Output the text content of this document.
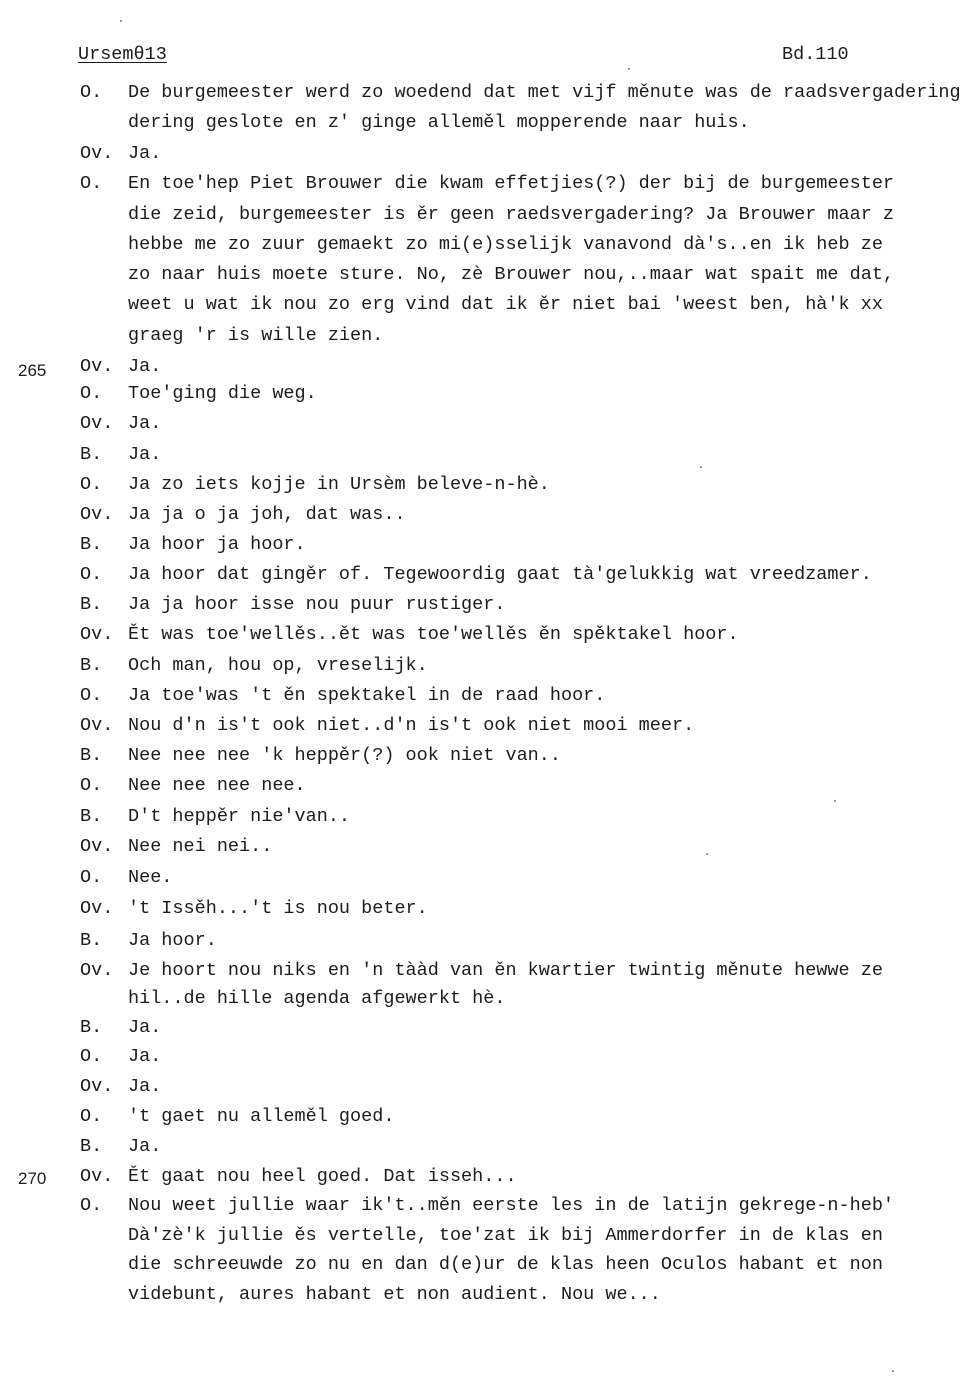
Ursemθ13	Bd.110
265
270
O. De burgemeester werd zo woedend dat met vijf měnute was de raadsvergadering
dering geslote en z' ginge alleměl mopperende naar huis.
Ov. Ja.
O. En toe'hep Piet Brouwer die kwam effetjies(?) der bij de burgemeester
die zeid, burgemeester is ěr geen raedsvergadering? Ja Brouwer maar z
hebbe me zo zuur gemaekt zo mi(e)sselijk vanavond dà's..en ik heb ze
zo naar huis moete sture. No, zè Brouwer nou,..maar wat spait me dat,
weet u wat ik nou zo erg vind dat ik ěr niet bai 'weest ben, hà'k xx
graeg 'r is wille zien.
Ov. Ja.
O. Toe'ging die weg.
Ov. Ja.
B. Ja.
O. Ja zo iets kojje in Ursèm beleve-n-hè.
Ov. Ja ja o ja joh, dat was..
B. Ja hoor ja hoor.
O. Ja hoor dat gingěr of. Tegewoordig gaat tà'gelukkig wat vreedzamer.
B. Ja ja hoor isse nou puur rustiger.
Ov. Ět was toe'wellěs..ět was toe'wellěs ěn spěktakel hoor.
B. Och man, hou op, vreselijk.
O. Ja toe'was 't ěn spektakel in de raad hoor.
Ov. Nou d'n is't ook niet..d'n is't ook niet mooi meer.
B. Nee nee nee 'k heppěr(?) ook niet van..
O. Nee nee nee nee.
B. D't heppěr nie'van..
Ov. Nee nei nei..
O. Nee.
Ov. 't Issěh...'t is nou beter.
B. Ja hoor.
Ov. Je hoort nou niks en 'n tààd van ěn kwartier twintig měnute hewwe ze
hil..de hille agenda afgewerkt hè.
B. Ja.
O. Ja.
Ov. Ja.
O. 't gaet nu alleměl goed.
B. Ja.
Ov. Ět gaat nou heel goed. Dat isseh...
O. Nou weet jullie waar ik't..měn eerste les in de latijn gekrege-n-heb'
Dà'zè'k jullie ěs vertelle, toe'zat ik bij Ammerdorfer in de klas en
die schreeuwde zo nu en dan d(e)ur de klas heen Oculos habant et non
videbunt, aures habant et non audient. Nou we...
